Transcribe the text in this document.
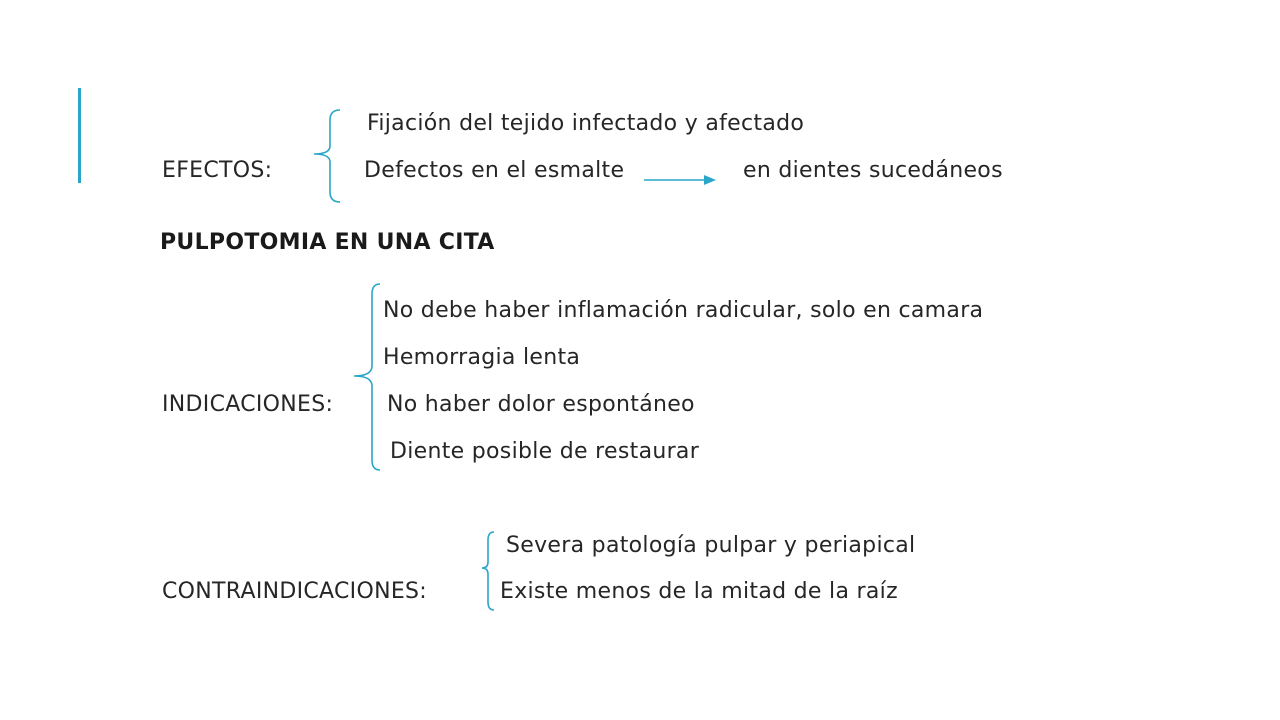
Fijación del tejido infectado y afectado
EFECTOS:	Defectos en el esmalte	en dientes sucedáneos
PULPOTOMIA EN UNA CITA
No debe haber inflamación radicular, solo en camara
Hemorragia lenta
INDICACIONES: No haber dolor espontáneo
Diente posible de restaurar
Severa patología pulpar y periapical
CONTRAINDICACIONES:	Existe menos de la mitad de la raíz
